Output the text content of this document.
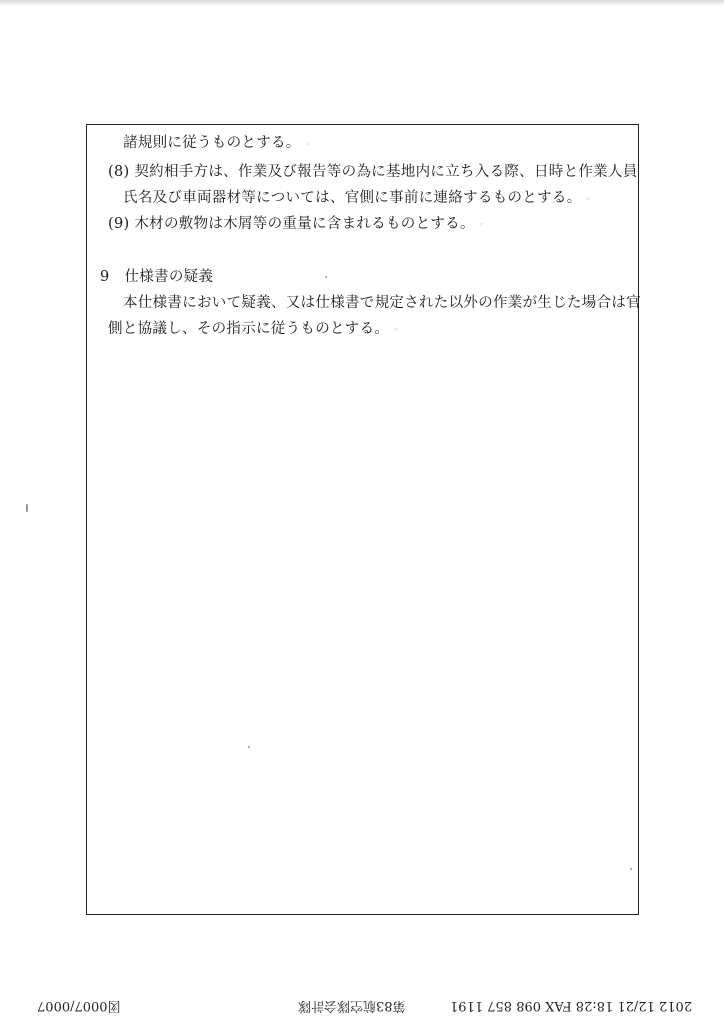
諸規則に従うものとする。 ◦
(8) 契約相手方は、作業及び報告等の為に基地内に立ち入る際、日時と作業人員
氏名及び車両器材等については、官側に事前に連絡するものとする。 ◦
(9) 木材の敷物は木屑等の重量に含まれるものとする。 ◦
9 仕様書の疑義
本仕様書において疑義、又は仕様書で規定された以外の作業が生じた場合は官
側と協議し、その指示に従うものとする。 ◦
図0007/0007	第83航空隊会計隊	2012 12/21 18:28 FAX 098 857 1191
